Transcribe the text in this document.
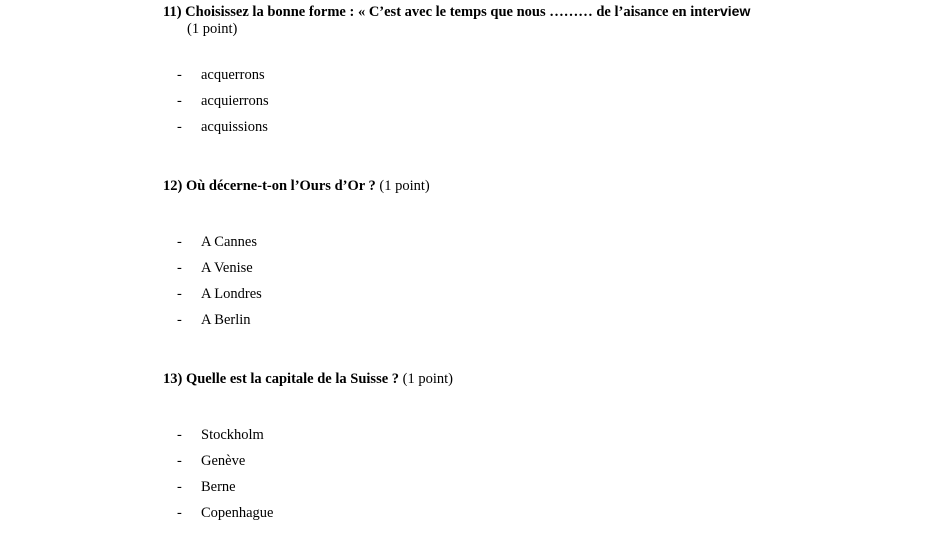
11) Choisissez la bonne forme : « C’est avec le temps que nous ……… de l’aisance en interview
(1 point)
- acquerrons
- acquierrons
- acquissions
12) Où décerne-t-on l’Ours d’Or ? (1 point)
- A Cannes
- A Venise
- A Londres
- A Berlin
13) Quelle est la capitale de la Suisse ? (1 point)
- Stockholm
- Genève
- Berne
- Copenhague
